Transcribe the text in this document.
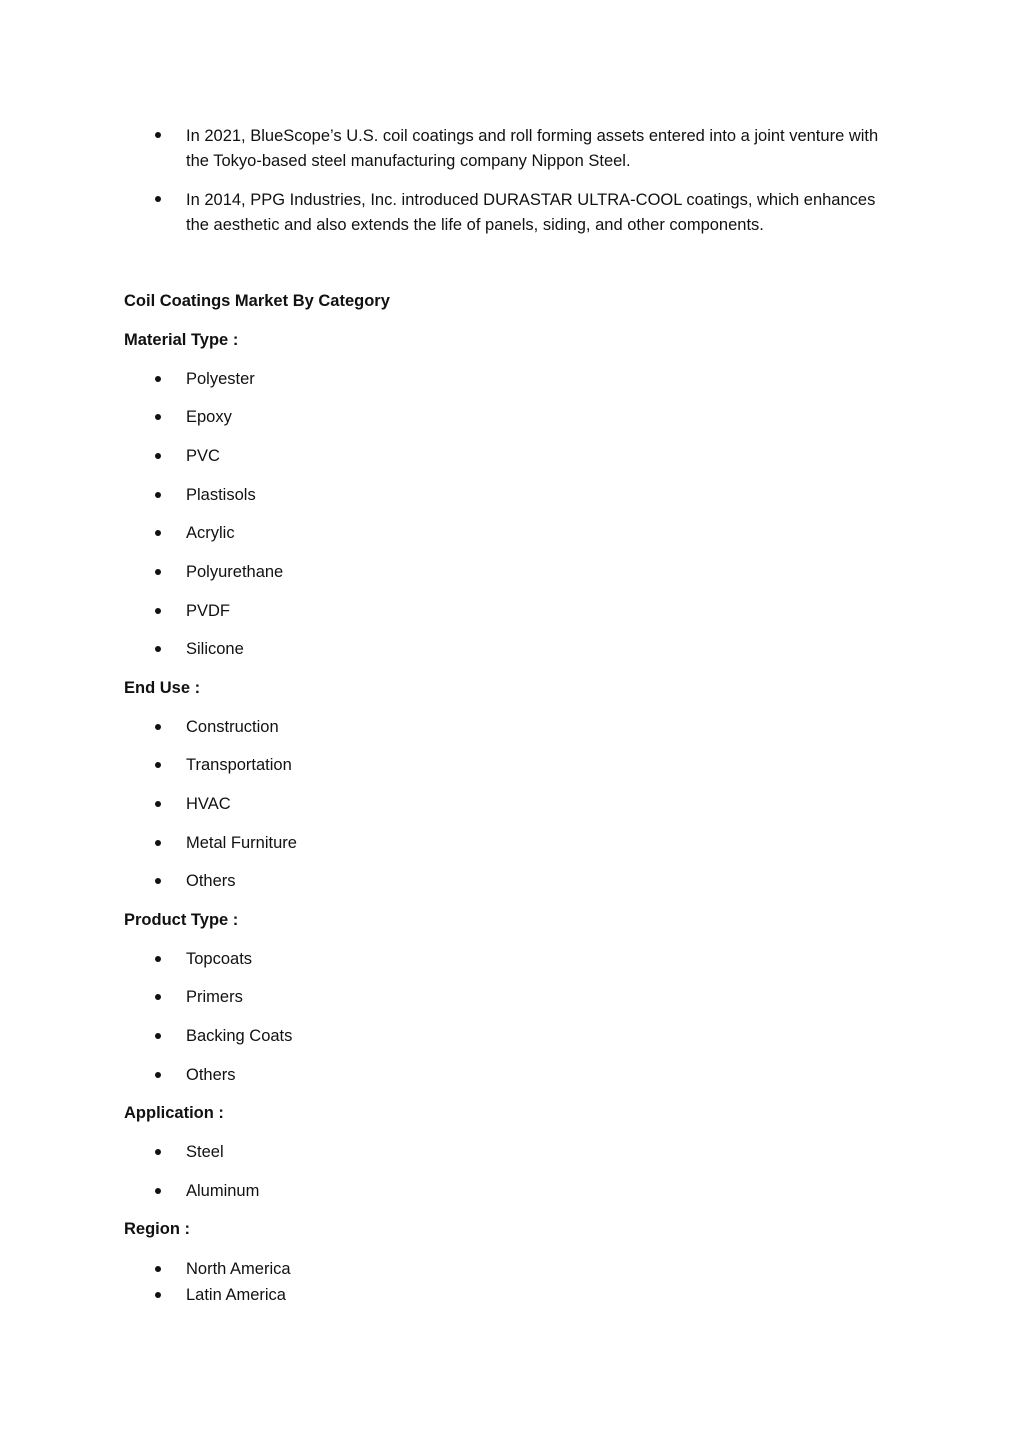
In 2021, BlueScope’s U.S. coil coatings and roll forming assets entered into a joint venture with the Tokyo-based steel manufacturing company Nippon Steel.
In 2014, PPG Industries, Inc. introduced DURASTAR ULTRA-COOL coatings, which enhances the aesthetic and also extends the life of panels, siding, and other components.
Coil Coatings Market By Category
Material Type :
Polyester
Epoxy
PVC
Plastisols
Acrylic
Polyurethane
PVDF
Silicone
End Use :
Construction
Transportation
HVAC
Metal Furniture
Others
Product Type :
Topcoats
Primers
Backing Coats
Others
Application :
Steel
Aluminum
Region :
North America
Latin America
